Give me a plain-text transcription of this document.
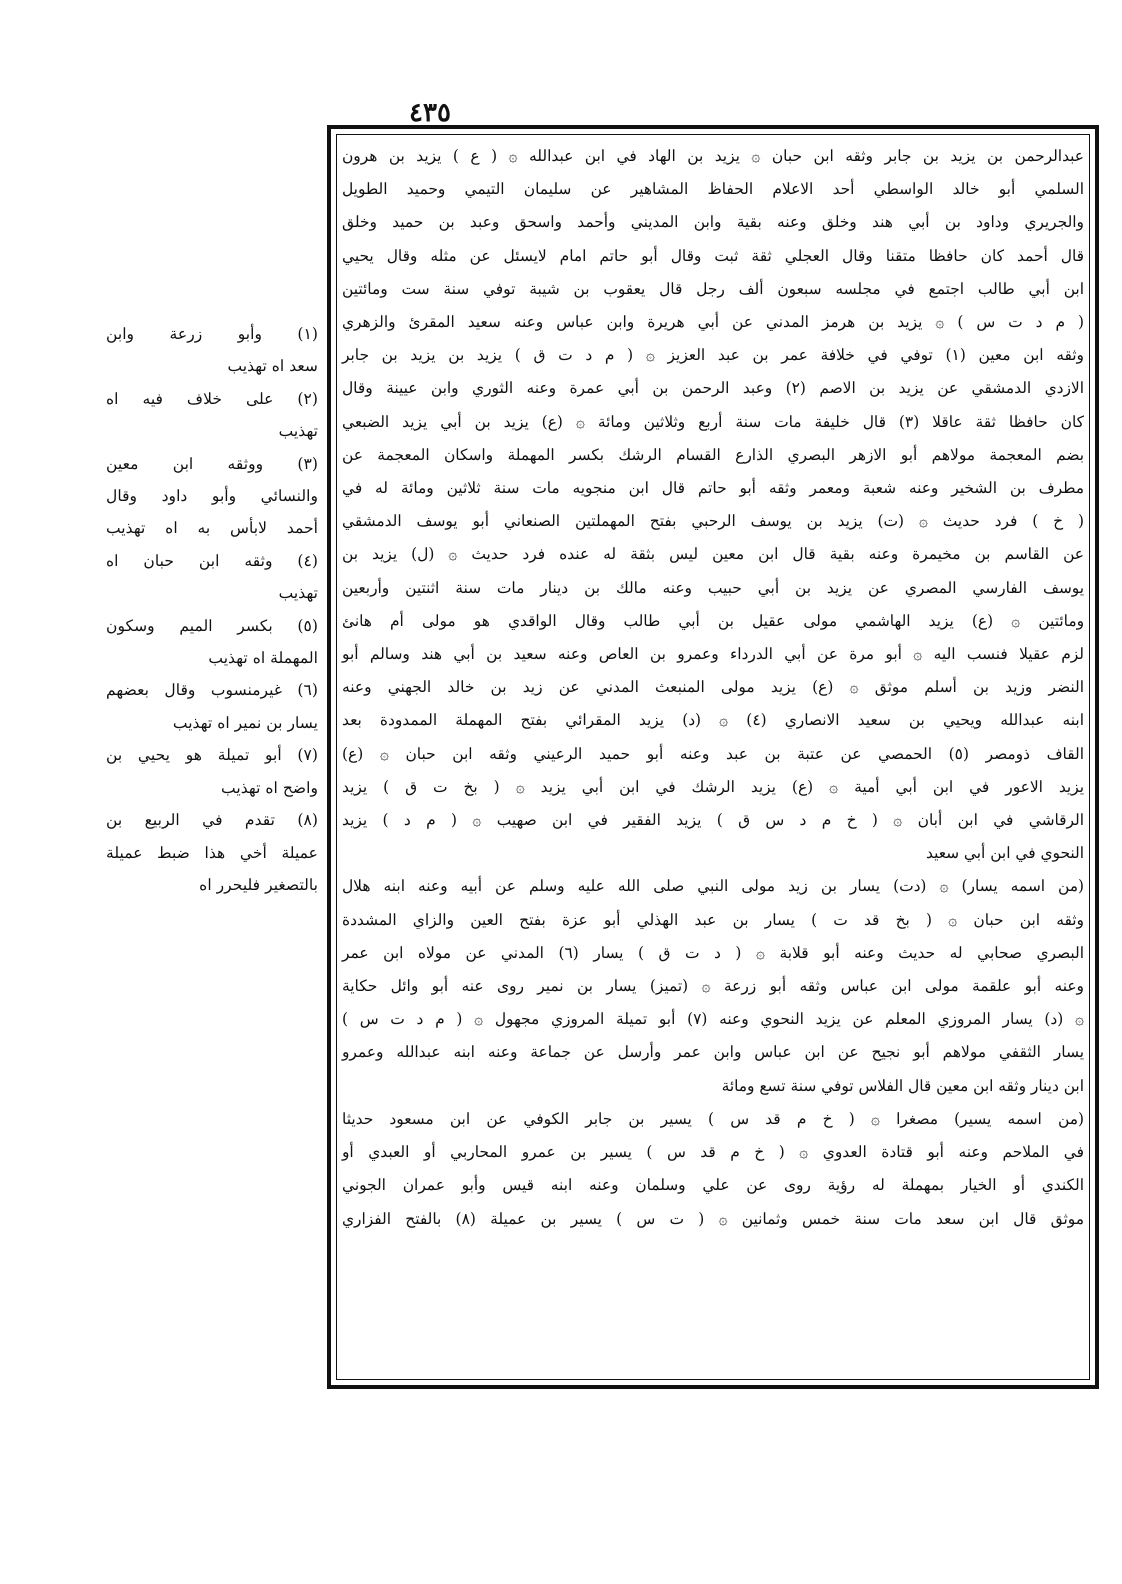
٤٣٥

عبدالرحمن بن يزيد بن جابر وثقه ابن حبان ۞ يزيد بن الهاد في ابن عبدالله ۞ ( ع ) يزيد بن هرون

السلمي أبو خالد الواسطي أحد الاعلام الحفاظ المشاهير عن سليمان التيمي وحميد الطويل

والجريري وداود بن أبي هند وخلق وعنه بقية وابن المديني وأحمد واسحق وعبد بن حميد وخلق

قال أحمد كان حافظا متقنا وقال العجلي ثقة ثبت وقال أبو حاتم امام لايسئل عن مثله وقال يحيي

ابن أبي طالب اجتمع في مجلسه سبعون ألف رجل قال يعقوب بن شيبة توفي سنة ست ومائتين

( م د ت س ) ۞ يزيد بن هرمز المدني عن أبي هريرة وابن عباس وعنه سعيد المقرئ والزهري

وثقه ابن معين (١) توفي في خلافة عمر بن عبد العزيز ۞ ( م د ت ق ) يزيد بن يزيد بن جابر

الازدي الدمشقي عن يزيد بن الاصم (٢) وعبد الرحمن بن أبي عمرة وعنه الثوري وابن عيينة وقال

كان حافظا ثقة عاقلا (٣) قال خليفة مات سنة أربع وثلاثين ومائة ۞ (ع) يزيد بن أبي يزيد الضبعي

بضم المعجمة مولاهم أبو الازهر البصري الذارع القسام الرشك بكسر المهملة واسكان المعجمة عن

مطرف بن الشخير وعنه شعبة ومعمر وثقه أبو حاتم قال ابن منجويه مات سنة ثلاثين ومائة له في

( خ ) فرد حديث ۞ (ت) يزيد بن يوسف الرحبي بفتح المهملتين الصنعاني أبو يوسف الدمشقي

عن القاسم بن مخيمرة وعنه بقية قال ابن معين ليس بثقة له عنده فرد حديث ۞ (ل) يزيد بن

يوسف الفارسي المصري عن يزيد بن أبي حبيب وعنه مالك بن دينار مات سنة اثنتين وأربعين

ومائتين ۞ (ع) يزيد الهاشمي مولى عقيل بن أبي طالب وقال الواقدي هو مولى أم هانئ

لزم عقيلا فنسب اليه ۞ أبو مرة عن أبي الدرداء وعمرو بن العاص وعنه سعيد بن أبي هند وسالم أبو

النضر وزيد بن أسلم موثق ۞ (ع) يزيد مولى المنبعث المدني عن زيد بن خالد الجهني وعنه

ابنه عبدالله ويحيي بن سعيد الانصاري (٤) ۞ (د) يزيد المقرائي بفتح المهملة الممدودة بعد

القاف ذومصر (٥) الحمصي عن عتبة بن عبد وعنه أبو حميد الرعيني وثقه ابن حبان ۞ (ع)

يزيد الاعور في ابن أبي أمية ۞ (ع) يزيد الرشك في ابن أبي يزيد ۞ ( بخ ت ق ) يزيد

الرقاشي في ابن أبان ۞ ( خ م د س ق ) يزيد الفقير في ابن صهيب ۞ ( م د ) يزيد

النحوي في ابن أبي سعيد

(من اسمه يسار) ۞ (دت) يسار بن زيد مولى النبي صلى الله عليه وسلم عن أبيه وعنه ابنه هلال

وثقه ابن حبان ۞ ( بخ قد ت ) يسار بن عبد الهذلي أبو عزة بفتح العين والزاي المشددة

البصري صحابي له حديث وعنه أبو قلابة ۞ ( د ت ق ) يسار (٦) المدني عن مولاه ابن عمر

وعنه أبو علقمة مولى ابن عباس وثقه أبو زرعة ۞ (تميز) يسار بن نمير روى عنه أبو وائل حكاية

۞ (د) يسار المروزي المعلم عن يزيد النحوي وعنه (٧) أبو تميلة المروزي مجهول ۞ ( م د ت س )

يسار الثقفي مولاهم أبو نجيح عن ابن عباس وابن عمر وأرسل عن جماعة وعنه ابنه عبدالله وعمرو

ابن دينار وثقه ابن معين قال الفلاس توفي سنة تسع ومائة

(من اسمه يسير) مصغرا ۞ ( خ م قد س ) يسير بن جابر الكوفي عن ابن مسعود حديثا

في الملاحم وعنه أبو قتادة العدوي ۞ ( خ م قد س ) يسير بن عمرو المحاربي أو العبدي أو

الكندي أو الخيار بمهملة له رؤية روى عن علي وسلمان وعنه ابنه قيس وأبو عمران الجوني

موثق قال ابن سعد مات سنة خمس وثمانين ۞ ( ت س ) يسير بن عميلة (٨) بالفتح الفزاري

(١) وأبو زرعة وابن

سعد اه تهذيب

(٢) على خلاف فيه اه

تهذيب

(٣) ووثقه ابن معين

والنسائي وأبو داود وقال

أحمد لابأس به اه تهذيب

(٤) وثقه ابن حبان اه

تهذيب

(٥) بكسر الميم وسكون

المهملة اه تهذيب

(٦) غيرمنسوب وقال بعضهم

يسار بن نمير اه تهذيب

(٧) أبو تميلة هو يحيي بن

واضح اه تهذيب

(٨) تقدم في الربيع بن

عميلة أخي هذا ضبط عميلة

بالتصغير فليحرر اه
